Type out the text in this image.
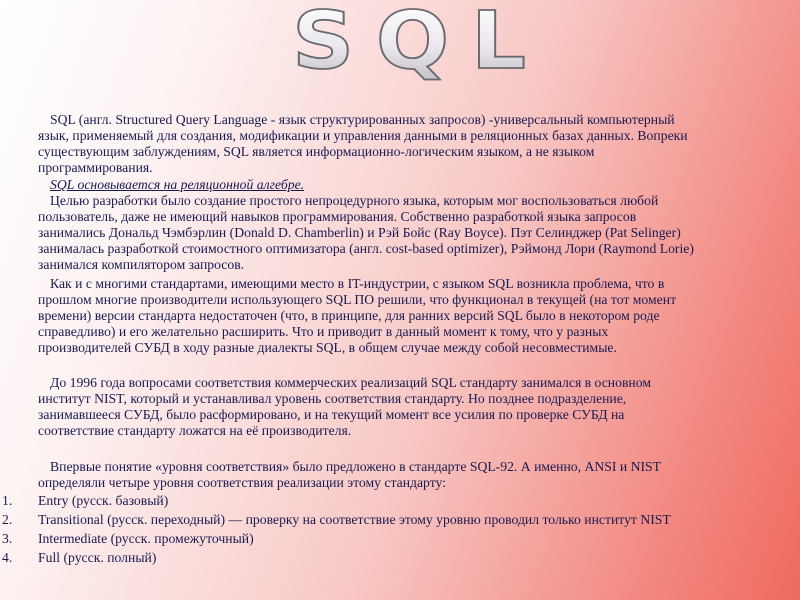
SQL

SQL (англ. Structured Query Language - язык структурированных запросов) -универсальный компьютерный
язык, применяемый для создания, модификации и управления данными в реляционных базах данных. Вопреки
существующим заблуждениям, SQL является информационно-логическим языком, а не языком
программирования.

SQL основывается на реляционной алгебре.

Целью разработки было создание простого непроцедурного языка, которым мог воспользоваться любой
пользователь, даже не имеющий навыков программирования. Собственно разработкой языка запросов
занимались Дональд Чэмбэрлин (Donald D. Chamberlin) и Рэй Бойс (Ray Boyce). Пэт Селинджер (Pat Selinger)
занималась разработкой стоимостного оптимизатора (англ. cost-based optimizer), Рэймонд Лори (Raymond Lorie)
занимался компилятором запросов.

Как и с многими стандартами, имеющими место в IT-индустрии, с языком SQL возникла проблема, что в
прошлом многие производители использующего SQL ПО решили, что функционал в текущей (на тот момент
времени) версии стандарта недостаточен (что, в принципе, для ранних версий SQL было в некотором роде
справедливо) и его желательно расширить. Что и приводит в данный момент к тому, что у разных
производителей СУБД в ходу разные диалекты SQL, в общем случае между собой несовместимые.

До 1996 года вопросами соответствия коммерческих реализаций SQL стандарту занимался в основном
институт NIST, который и устанавливал уровень соответствия стандарту. Но позднее подразделение,
занимавшееся СУБД, было расформировано, и на текущий момент все усилия по проверке СУБД на
соответствие стандарту ложатся на её производителя.

Впервые понятие «уровня соответствия» было предложено в стандарте SQL-92. А именно, ANSI и NIST
определяли четыре уровня соответствия реализации этому стандарту:

1. Entry (русск. базовый)
2. Transitional (русск. переходный) — проверку на соответствие этому уровню проводил только институт NIST
3. Intermediate (русск. промежуточный)
4. Full (русск. полный)
